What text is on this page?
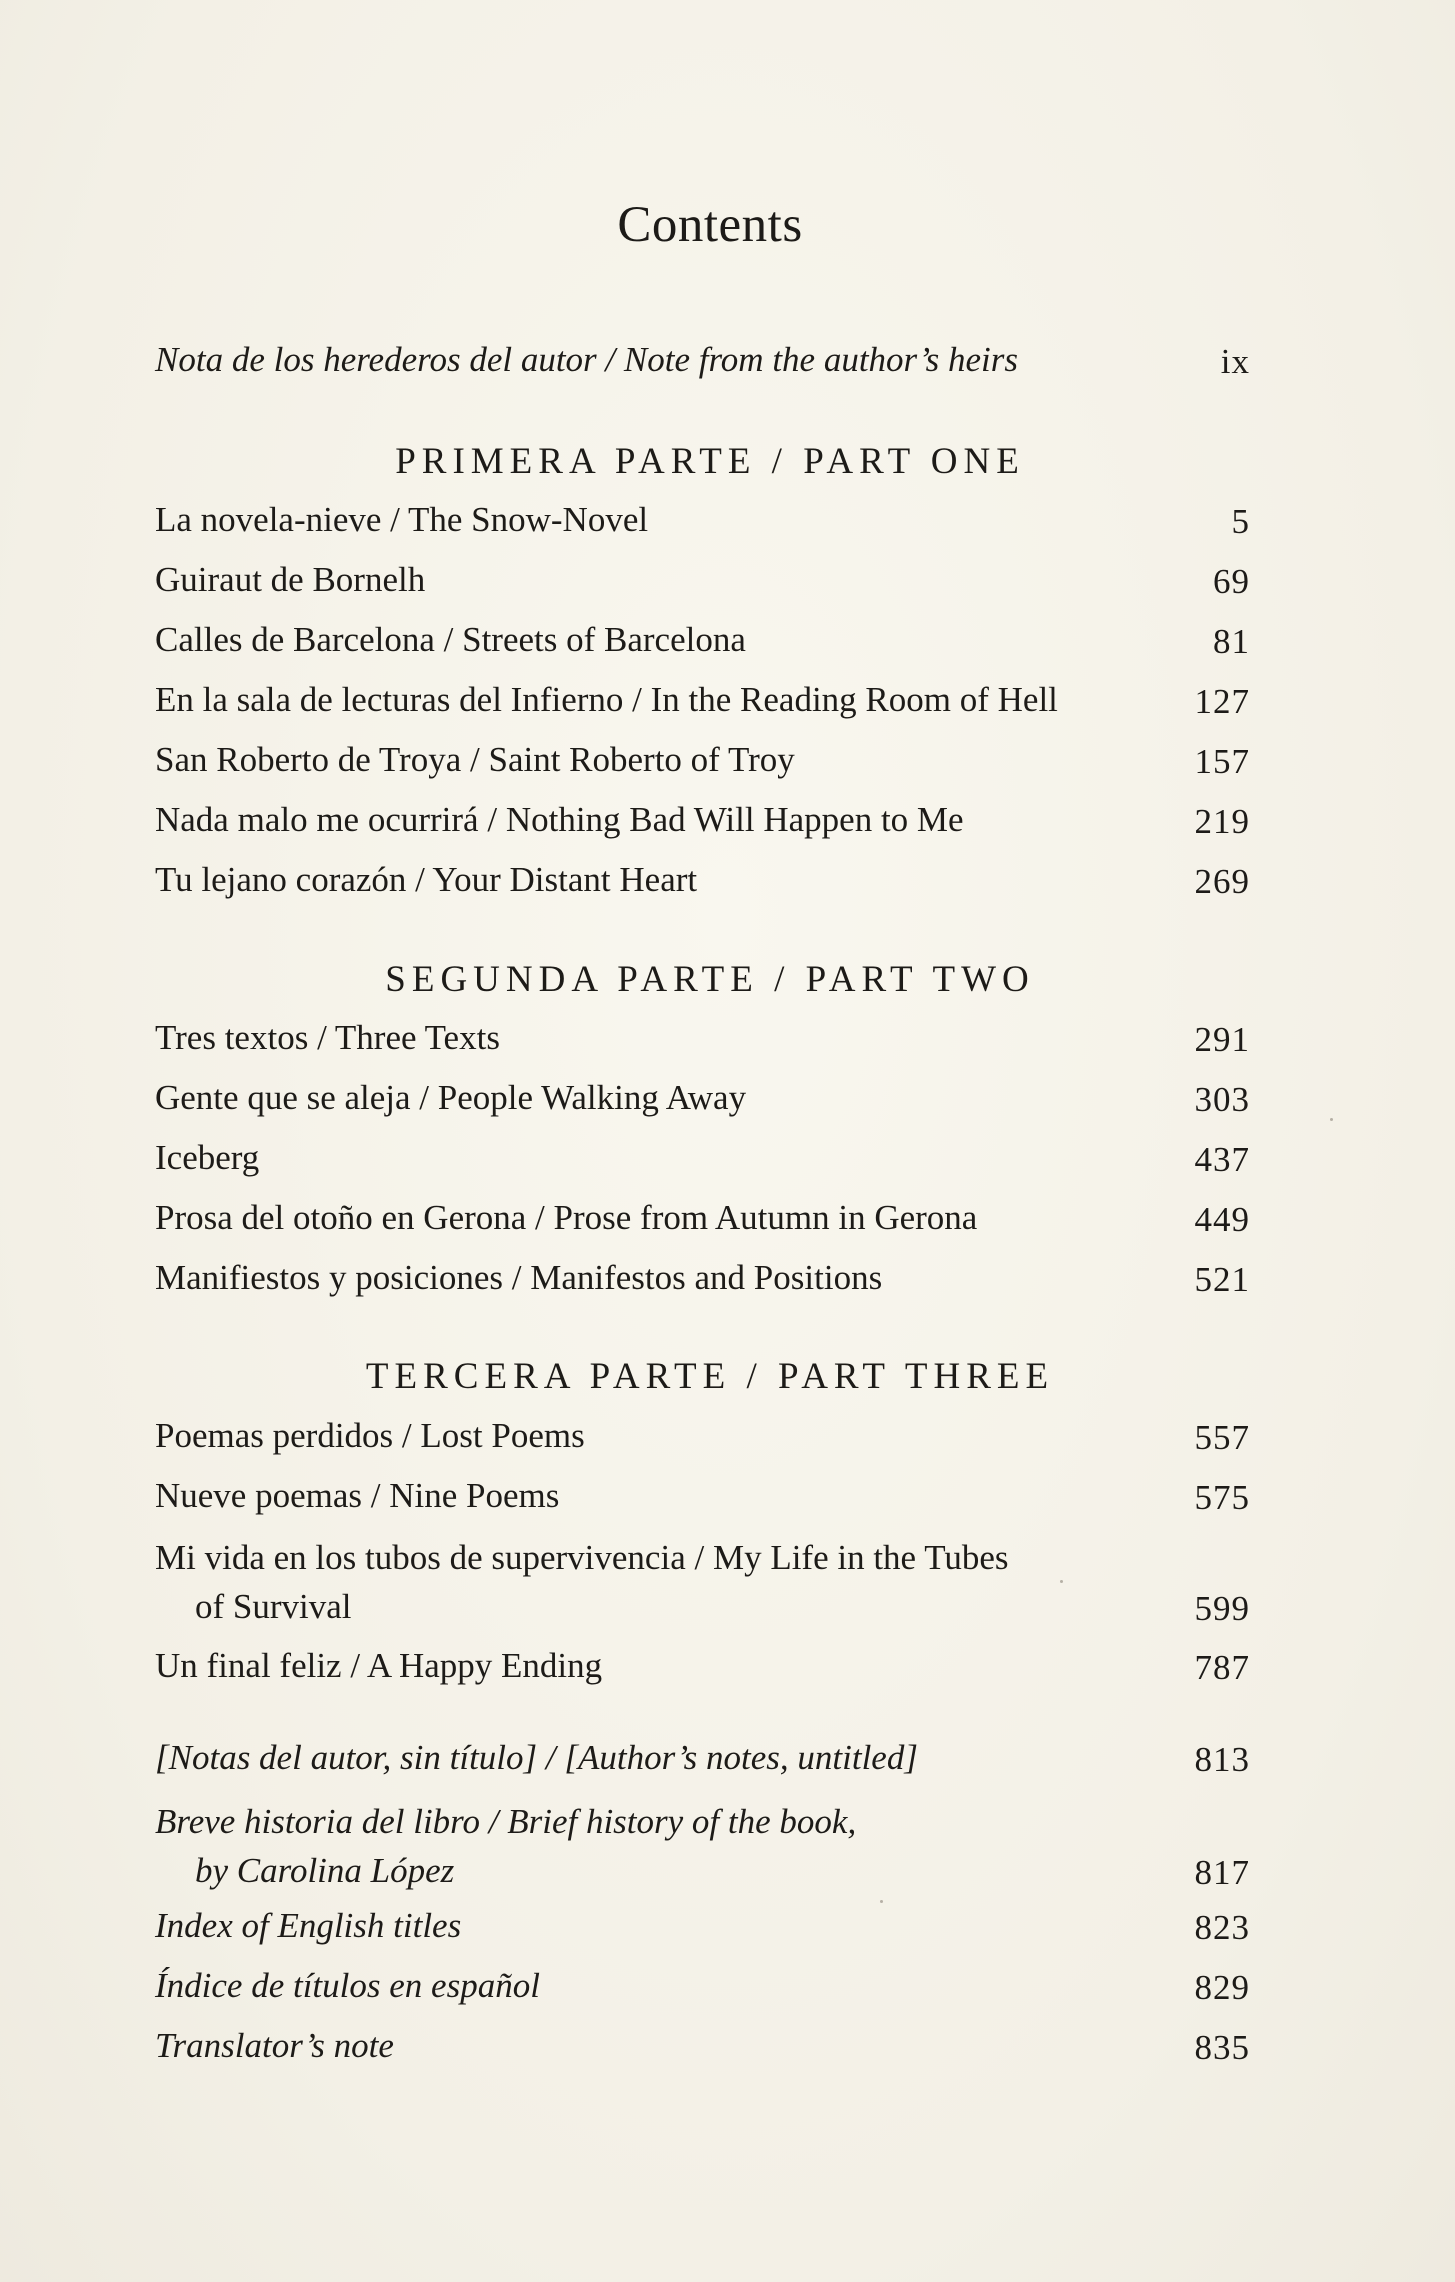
Contents
Nota de los herederos del autor / Note from the author’s heirs	ix
PRIMERA PARTE / PART ONE
La novela-nieve / The Snow-Novel	5
Guiraut de Bornelh	69
Calles de Barcelona / Streets of Barcelona	81
En la sala de lecturas del Infierno / In the Reading Room of Hell	127
San Roberto de Troya / Saint Roberto of Troy	157
Nada malo me ocurrirá / Nothing Bad Will Happen to Me	219
Tu lejano corazón / Your Distant Heart	269
SEGUNDA PARTE / PART TWO
Tres textos / Three Texts	291
Gente que se aleja / People Walking Away	303
Iceberg	437
Prosa del otoño en Gerona / Prose from Autumn in Gerona	449
Manifiestos y posiciones / Manifestos and Positions	521
TERCERA PARTE / PART THREE
Poemas perdidos / Lost Poems	557
Nueve poemas / Nine Poems	575
Mi vida en los tubos de supervivencia / My Life in the Tubes
of Survival	599
Un final feliz / A Happy Ending	787
[Notas del autor, sin título] / [Author’s notes, untitled]	813
Breve historia del libro / Brief history of the book,
by Carolina López	817
Index of English titles	823
Índice de títulos en español	829
Translator’s note	835
